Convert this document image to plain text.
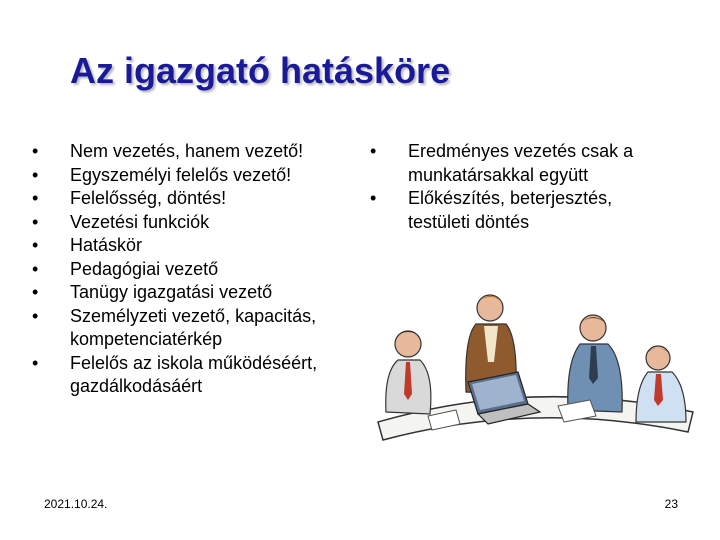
Az igazgató hatásköre
•	Nem vezetés, hanem vezető!
•	Egyszemélyi felelős vezető!
•	Felelősség, döntés!
•	Vezetési funkciók
•	Hatáskör
•	Pedagógiai vezető
•	Tanügy igazgatási vezető
•	Személyzeti vezető, kapacitás, kompetenciatérkép
•	Felelős az iskola működéséért, gazdálkodásáért
•	Eredményes vezetés csak a munkatársakkal együtt
•	Előkészítés, beterjesztés, testületi döntés
2021.10.24.	23
